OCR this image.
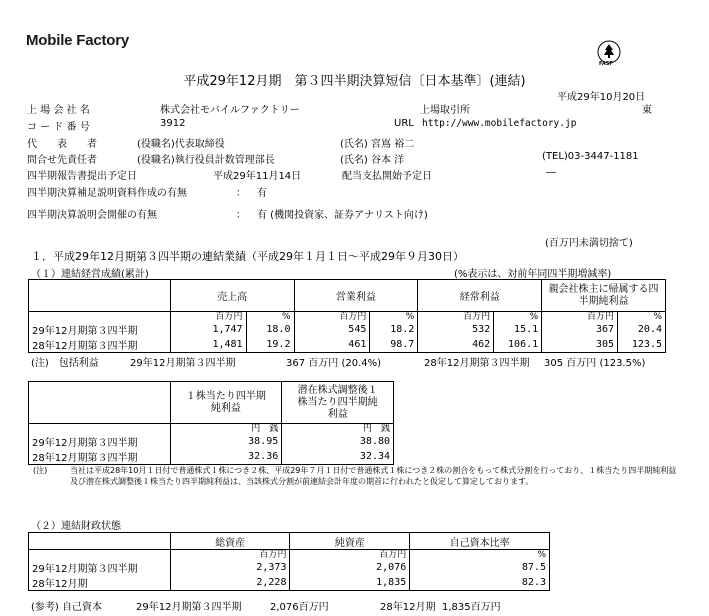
Mobile Factory
FASF
平成29年12月期　第３四半期決算短信〔日本基準〕(連結)
平成29年10月20日
上 場 会 社 名	株式会社モバイルファクトリー	上場取引所	東
コ ー ド 番 号	3912	URL http://www.mobilefactory.jp
代　　表　　者	(役職名)代表取締役	(氏名) 宮嶌 裕二
問合せ先責任者	(役職名)執行役員計数管理部長	(氏名) 谷本 洋	(TEL)03-3447-1181
四半期報告書提出予定日	平成29年11月14日	配当支払開始予定日	―
四半期決算補足説明資料作成の有無	： 有
四半期決算説明会開催の有無	： 有 (機関投資家、証券アナリスト向け)
(百万円未満切捨て)
１．平成29年12月期第３四半期の連結業績（平成29年１月１日～平成29年９月30日）
（１）連結経営成績(累計)	(%表示は、対前年同四半期増減率)
	売上高		営業利益		経常利益		親会社株主に帰属する四半期純利益	
	百万円	%	百万円	%	百万円	%	百万円	%
29年12月期第３四半期	1,747	18.0	545	18.2	532	15.1	367	20.4
28年12月期第３四半期	1,481	19.2	461	98.7	462	106.1	305	123.5
(注)　包括利益	29年12月期第３四半期	367 百万円 (20.4%)	28年12月期第３四半期 305 百万円 (123.5%)
	１株当たり四半期純利益	潜在株式調整後１株当たり四半期純利益
	円　銭	円　銭
29年12月期第３四半期	38.95	38.80
28年12月期第３四半期	32.36	32.34
(注)	当社は平成28年10月１日付で普通株式１株につき２株、平成29年７月１日付で普通株式１株につき２株の割合をもって株式分割を行っており、１株当たり四半期純利益及び潜在株式調整後１株当たり四半期純利益は、当該株式分割が前連結会計年度の期首に行われたと仮定して算定しております。
（２）連結財政状態
	総資産	純資産	自己資本比率
	百万円	百万円	%
29年12月期第３四半期	2,373	2,076	87.5
28年12月期	2,228	1,835	82.3
(参考) 自己資本	29年12月期第３四半期	2,076百万円	28年12月期 1,835百万円
